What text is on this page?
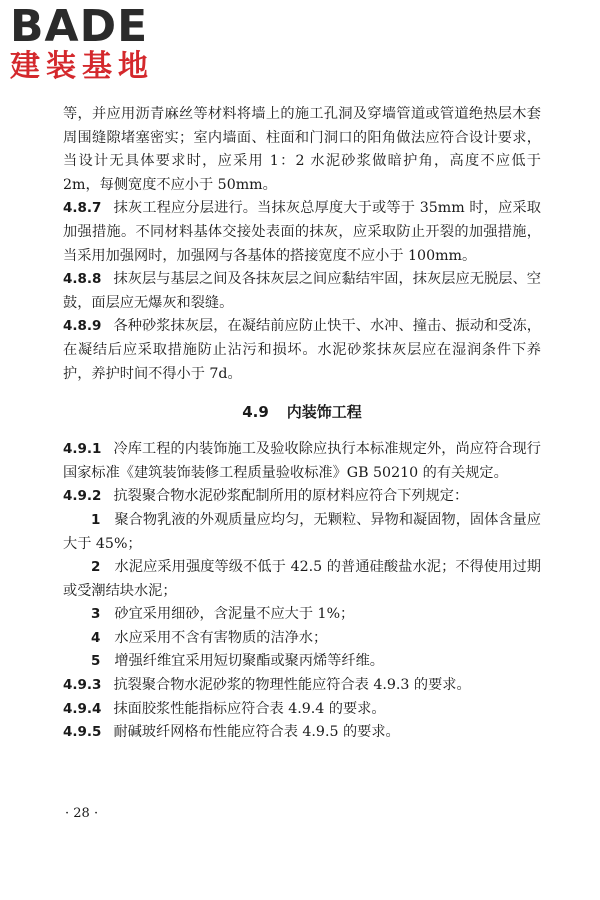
BADE
建装基地

等，并应用沥青麻丝等材料将墙上的施工孔洞及穿墙管道或管道绝热层木套周围缝隙堵塞密实；室内墙面、柱面和门洞口的阳角做法应符合设计要求，当设计无具体要求时，应采用 1：2 水泥砂浆做暗护角，高度不应低于 2m，每侧宽度不应小于 50mm。

4.8.7 抹灰工程应分层进行。当抹灰总厚度大于或等于 35mm 时，应采取加强措施。不同材料基体交接处表面的抹灰，应采取防止开裂的加强措施，当采用加强网时，加强网与各基体的搭接宽度不应小于 100mm。

4.8.8 抹灰层与基层之间及各抹灰层之间应黏结牢固，抹灰层应无脱层、空鼓，面层应无爆灰和裂缝。

4.8.9 各种砂浆抹灰层，在凝结前应防止快干、水冲、撞击、振动和受冻，在凝结后应采取措施防止沾污和损坏。水泥砂浆抹灰层应在湿润条件下养护，养护时间不得小于 7d。

4.9 内装饰工程

4.9.1 冷库工程的内装饰施工及验收除应执行本标准规定外，尚应符合现行国家标准《建筑装饰装修工程质量验收标准》GB 50210 的有关规定。

4.9.2 抗裂聚合物水泥砂浆配制所用的原材料应符合下列规定：

1 聚合物乳液的外观质量应均匀，无颗粒、异物和凝固物，固体含量应大于 45%；

2 水泥应采用强度等级不低于 42.5 的普通硅酸盐水泥；不得使用过期或受潮结块水泥；

3 砂宜采用细砂，含泥量不应大于 1%；

4 水应采用不含有害物质的洁净水；

5 增强纤维宜采用短切聚酯或聚丙烯等纤维。

4.9.3 抗裂聚合物水泥砂浆的物理性能应符合表 4.9.3 的要求。

4.9.4 抹面胶浆性能指标应符合表 4.9.4 的要求。

4.9.5 耐碱玻纤网格布性能应符合表 4.9.5 的要求。

· 28 ·
